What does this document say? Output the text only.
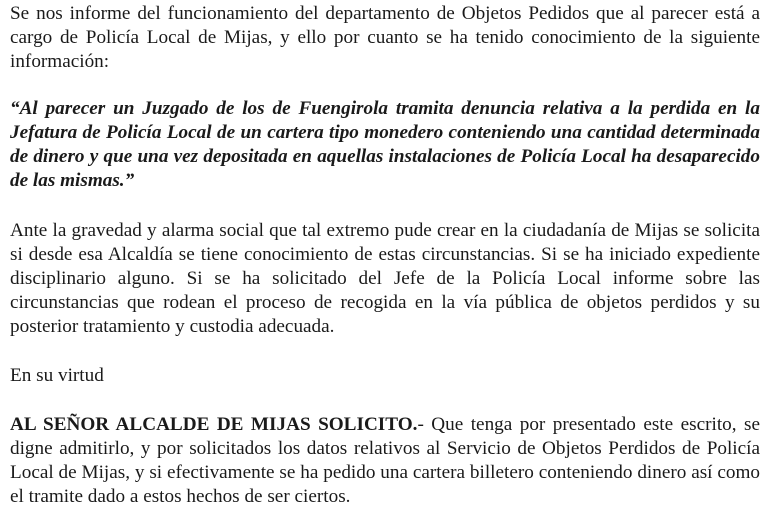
Se nos informe del funcionamiento del departamento de Objetos Pedidos que al parecer está a cargo de Policía Local de Mijas, y ello por cuanto se ha tenido conocimiento de la siguiente información:

“Al parecer un Juzgado de los de Fuengirola tramita denuncia relativa a la perdida en la Jefatura de Policía Local de un cartera tipo monedero conteniendo una cantidad determinada de dinero y que una vez depositada en aquellas instalaciones de Policía Local ha desaparecido de las mismas.”

Ante la gravedad y alarma social que tal extremo pude crear en la ciudadanía de Mijas se solicita si desde esa Alcaldía se tiene conocimiento de estas circunstancias. Si se ha iniciado expediente disciplinario alguno. Si se ha solicitado del Jefe de la Policía Local informe sobre las circunstancias que rodean el proceso de recogida en la vía pública de objetos perdidos y su posterior tratamiento y custodia adecuada.

En su virtud

AL SEÑOR ALCALDE DE MIJAS SOLICITO.- Que tenga por presentado este escrito, se digne admitirlo, y por solicitados los datos relativos al Servicio de Objetos Perdidos de Policía Local de Mijas, y si efectivamente se ha pedido una cartera billetero conteniendo dinero así como el tramite dado a estos hechos de ser ciertos.
